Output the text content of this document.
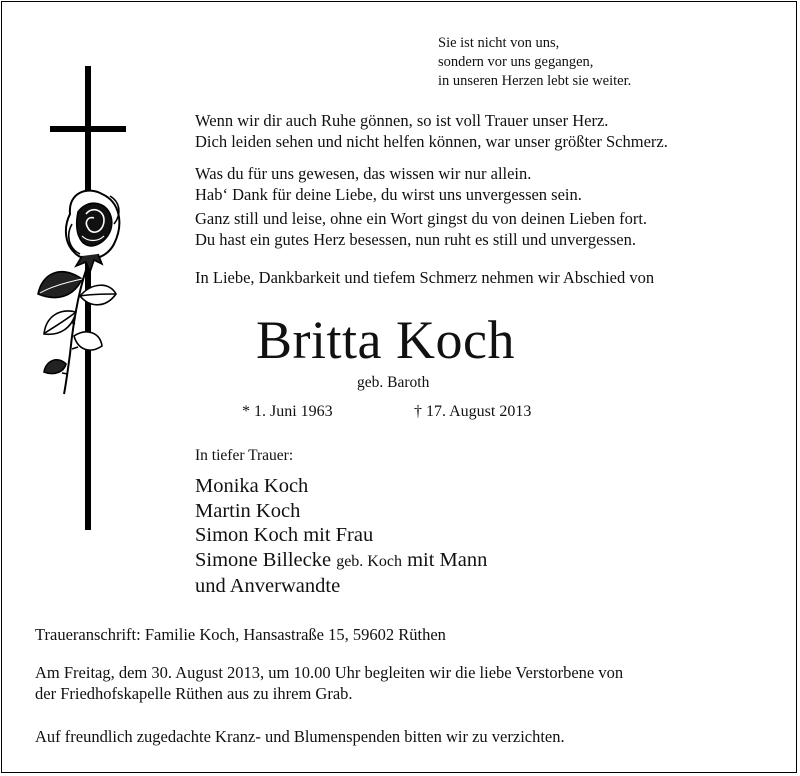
Sie ist nicht von uns,
sondern vor uns gegangen,
in unseren Herzen lebt sie weiter.
Wenn wir dir auch Ruhe gönnen, so ist voll Trauer unser Herz.
Dich leiden sehen und nicht helfen können, war unser größter Schmerz.
Was du für uns gewesen, das wissen wir nur allein.
Hab‘ Dank für deine Liebe, du wirst uns unvergessen sein.
Ganz still und leise, ohne ein Wort gingst du von deinen Lieben fort.
Du hast ein gutes Herz besessen, nun ruht es still und unvergessen.
In Liebe, Dankbarkeit und tiefem Schmerz nehmen wir Abschied von
Britta Koch
geb. Baroth
* 1. Juni 1963	† 17. August 2013
In tiefer Trauer:
Monika Koch
Martin Koch
Simon Koch mit Frau
Simone Billecke geb. Koch mit Mann
und Anverwandte
Traueranschrift: Familie Koch, Hansastraße 15, 59602 Rüthen
Am Freitag, dem 30. August 2013, um 10.00 Uhr begleiten wir die liebe Verstorbene von
der Friedhofskapelle Rüthen aus zu ihrem Grab.
Auf freundlich zugedachte Kranz- und Blumenspenden bitten wir zu verzichten.
